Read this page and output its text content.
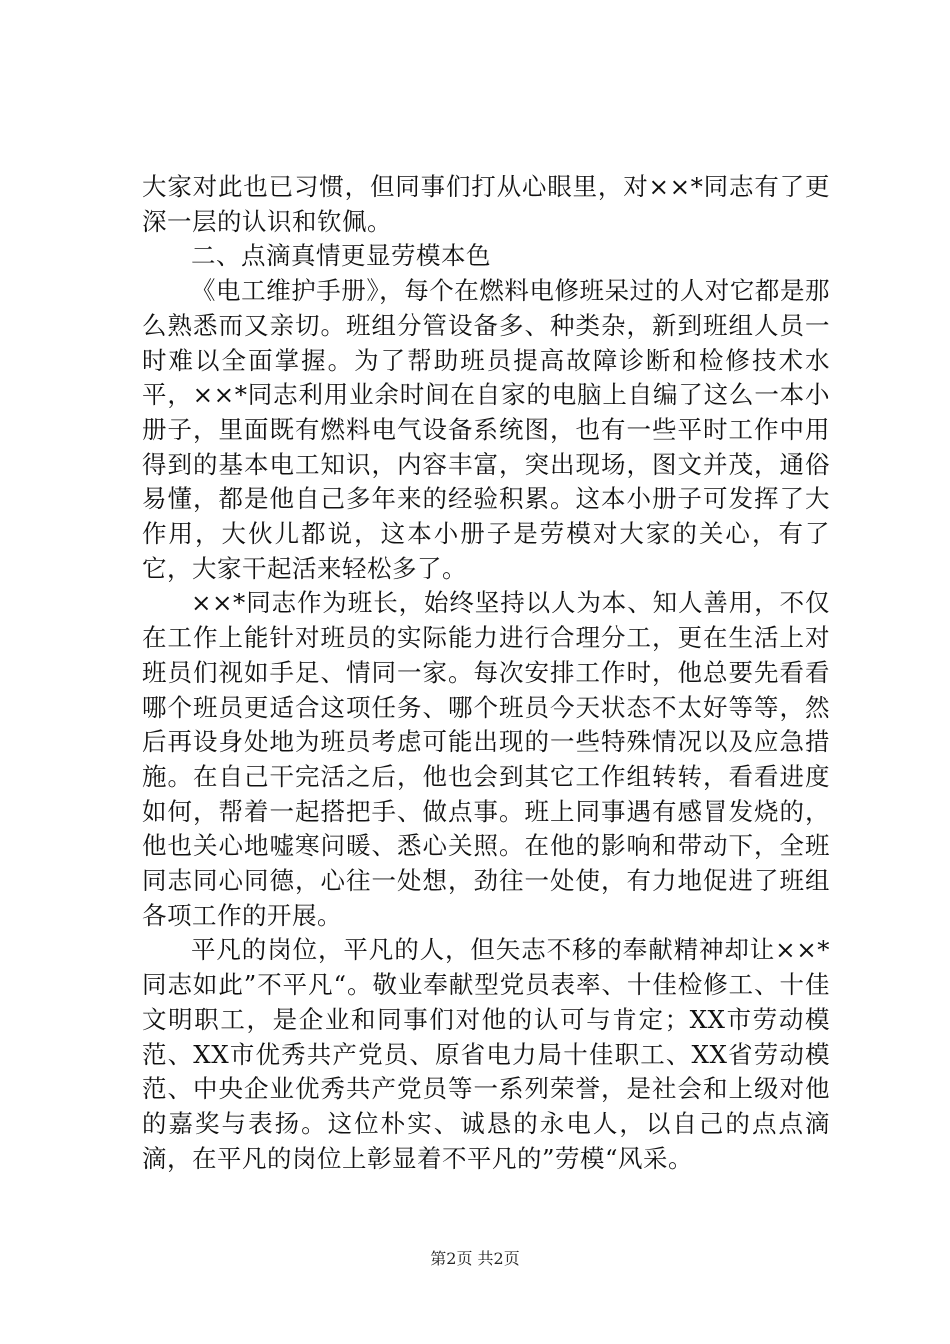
大家对此也已习惯，但同事们打从心眼里，对××*同志有了更深一层的认识和钦佩。

二、点滴真情更显劳模本色

《电工维护手册》，每个在燃料电修班呆过的人对它都是那么熟悉而又亲切。班组分管设备多、种类杂，新到班组人员一时难以全面掌握。为了帮助班员提高故障诊断和检修技术水平，××*同志利用业余时间在自家的电脑上自编了这么一本小册子，里面既有燃料电气设备系统图，也有一些平时工作中用得到的基本电工知识，内容丰富，突出现场，图文并茂，通俗易懂，都是他自己多年来的经验积累。这本小册子可发挥了大作用，大伙儿都说，这本小册子是劳模对大家的关心，有了它，大家干起活来轻松多了。

××*同志作为班长，始终坚持以人为本、知人善用，不仅在工作上能针对班员的实际能力进行合理分工，更在生活上对班员们视如手足、情同一家。每次安排工作时，他总要先看看哪个班员更适合这项任务、哪个班员今天状态不太好等等，然后再设身处地为班员考虑可能出现的一些特殊情况以及应急措施。在自己干完活之后，他也会到其它工作组转转，看看进度如何，帮着一起搭把手、做点事。班上同事遇有感冒发烧的，他也关心地嘘寒问暖、悉心关照。在他的影响和带动下，全班同志同心同德，心往一处想，劲往一处使，有力地促进了班组各项工作的开展。

平凡的岗位，平凡的人，但矢志不移的奉献精神却让××*同志如此”不平凡“。敬业奉献型党员表率、十佳检修工、十佳文明职工，是企业和同事们对他的认可与肯定；XX市劳动模范、XX市优秀共产党员、原省电力局十佳职工、XX省劳动模范、中央企业优秀共产党员等一系列荣誉，是社会和上级对他的嘉奖与表扬。这位朴实、诚恳的永电人，以自己的点点滴滴，在平凡的岗位上彰显着不平凡的”劳模“风采。

第2页 共2页
